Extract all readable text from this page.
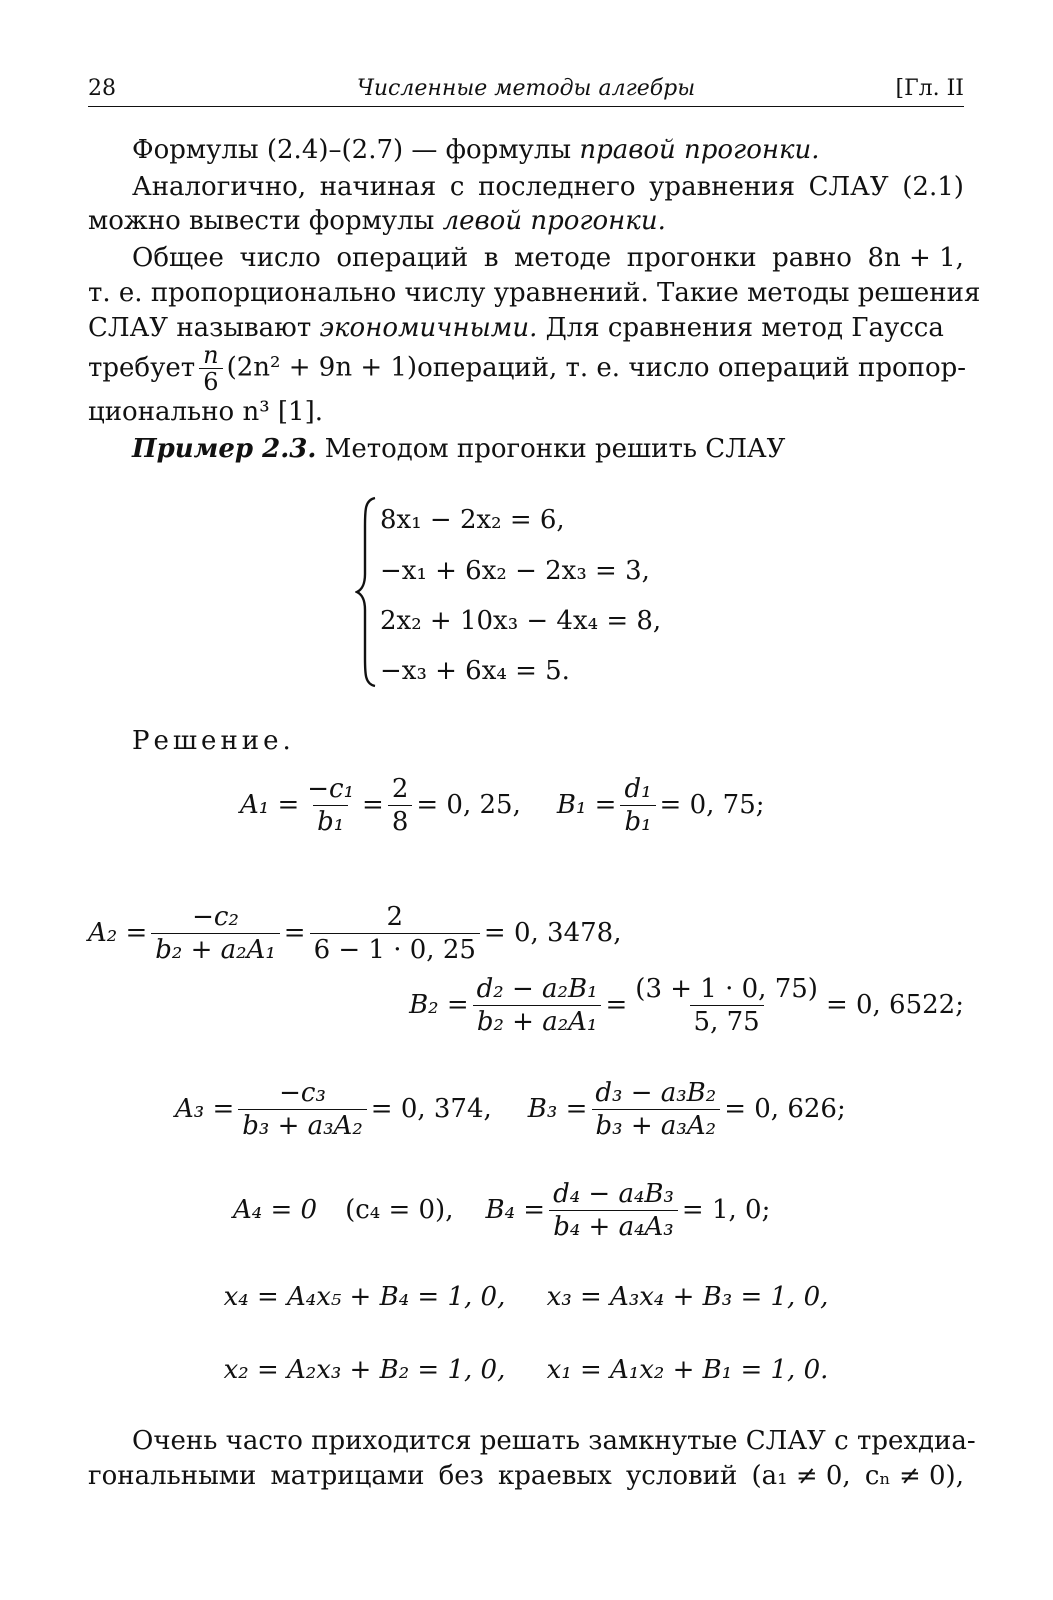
28	Численные методы алгебры	[Гл. II
Формулы (2.4)–(2.7) — формулы правой прогонки.
Аналогично, начиная с последнего уравнения СЛАУ (2.1)
можно вывести формулы левой прогонки.
Общее число операций в методе прогонки равно 8n + 1,
т. е. пропорционально числу уравнений. Такие методы решения
СЛАУ называют экономичными. Для сравнения метод Гаусса
требует $\frac{n}{6} (2n^2 + 9n + 1)$ операций, т. е. число операций пропор-
ционально n³ [1].
Пример 2.3. Методом прогонки решить СЛАУ
8x₁ − 2x₂ = 6,
−x₁ + 6x₂ − 2x₃ = 3,
2x₂ + 10x₃ − 4x₄ = 8,
−x₃ + 6x₄ = 5.
Решение.
$A_1 = \frac{\text{−c₁}}{\text{b₁}} = \frac{2}{8} = 0$, 25, $B_1 = \frac{\text{d₁}}{\text{b₁}} = 0$, 75;
$A_2 = \frac{\text{−c₂}}{\text{b₂ + a₂A₁}} = \frac{2}{6 - 1 \cdot 0, 25} = 0$, 3478,
$B_2 = \frac{\text{d₂ − a₂B₁}}{\text{b₂ + a₂A₁}} = \frac{(3 + 1 \cdot 0, 75)}{5, 75} = 0$, 6522;
$A_3 = \frac{\text{−c₃}}{\text{b₃ + a₃A₂}} = 0$, 374, $B_3 = \frac{\text{d₃ − a₃B₂}}{\text{b₃ + a₃A₂}} = 0$, 626;
A₄ = 0 (c₄ = 0), $B_4 = \frac{\text{d₄ − a₄B₃}}{\text{b₄ + a₄A₃}} = 1$, 0;
x₄ = A₄x₅ + B₄ = 1, 0,     x₃ = A₃x₄ + B₃ = 1, 0,
x₂ = A₂x₃ + B₂ = 1, 0,     x₁ = A₁x₂ + B₁ = 1, 0.
Очень часто приходится решать замкнутые СЛАУ с трехдиа-
гональными матрицами без краевых условий (a₁ ≠ 0, cₙ ≠ 0),
